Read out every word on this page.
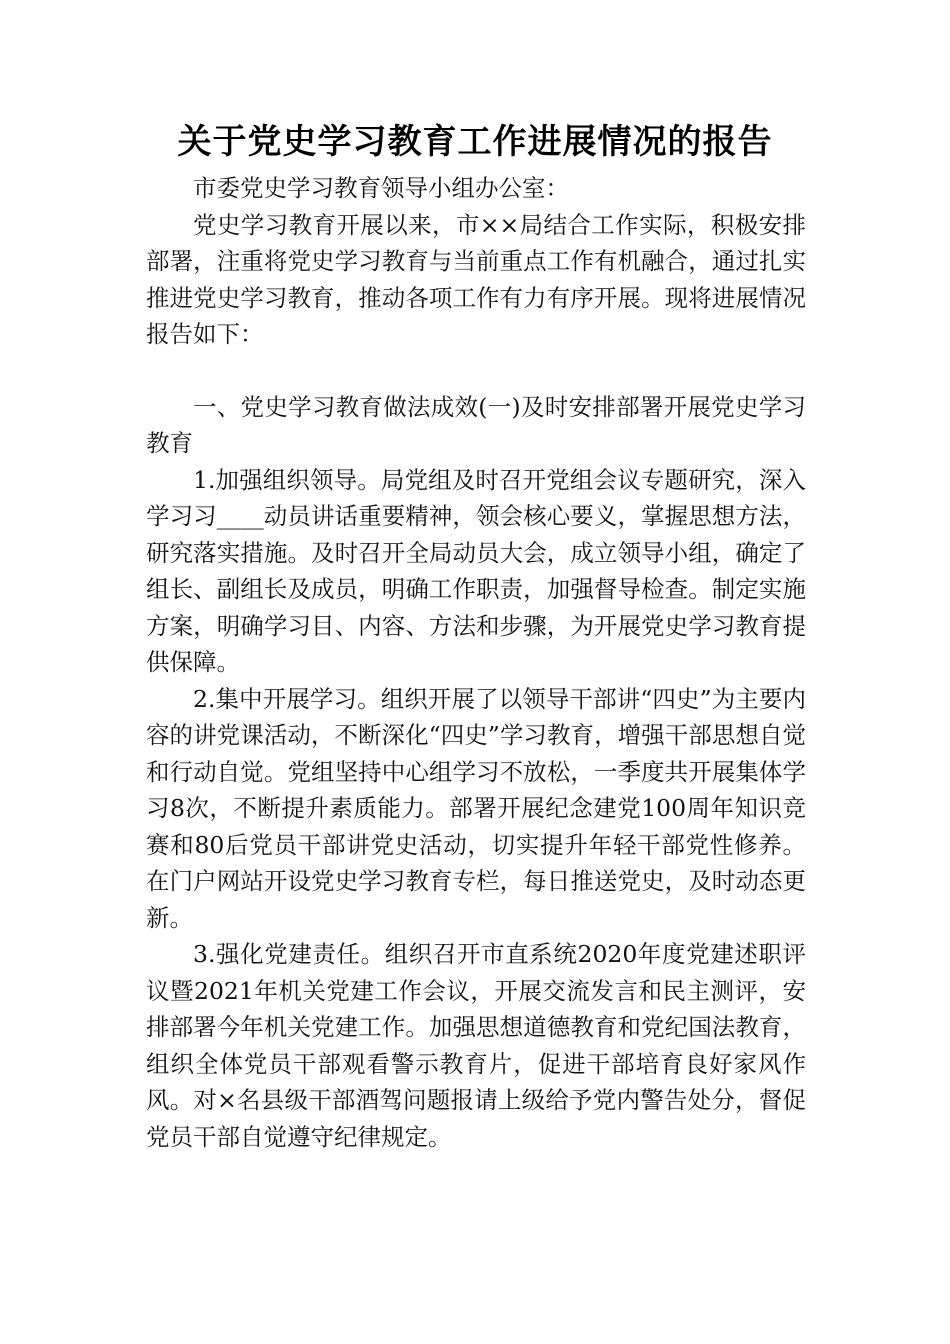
关于党史学习教育工作进展情况的报告

市委党史学习教育领导小组办公室：

党史学习教育开展以来，市××局结合工作实际，积极安排部署，注重将党史学习教育与当前重点工作有机融合，通过扎实推进党史学习教育，推动各项工作有力有序开展。现将进展情况报告如下：

一、党史学习教育做法成效(一)及时安排部署开展党史学习教育

1.加强组织领导。局党组及时召开党组会议专题研究，深入学习习____动员讲话重要精神，领会核心要义，掌握思想方法，研究落实措施。及时召开全局动员大会，成立领导小组，确定了组长、副组长及成员，明确工作职责，加强督导检查。制定实施方案，明确学习目、内容、方法和步骤，为开展党史学习教育提供保障。

2.集中开展学习。组织开展了以领导干部讲“四史”为主要内容的讲党课活动，不断深化“四史”学习教育，增强干部思想自觉和行动自觉。党组坚持中心组学习不放松，一季度共开展集体学习8次，不断提升素质能力。部署开展纪念建党100周年知识竞赛和80后党员干部讲党史活动，切实提升年轻干部党性修养。在门户网站开设党史学习教育专栏，每日推送党史，及时动态更新。

3.强化党建责任。组织召开市直系统2020年度党建述职评议暨2021年机关党建工作会议，开展交流发言和民主测评，安排部署今年机关党建工作。加强思想道德教育和党纪国法教育，组织全体党员干部观看警示教育片，促进干部培育良好家风作风。对×名县级干部酒驾问题报请上级给予党内警告处分，督促党员干部自觉遵守纪律规定。
